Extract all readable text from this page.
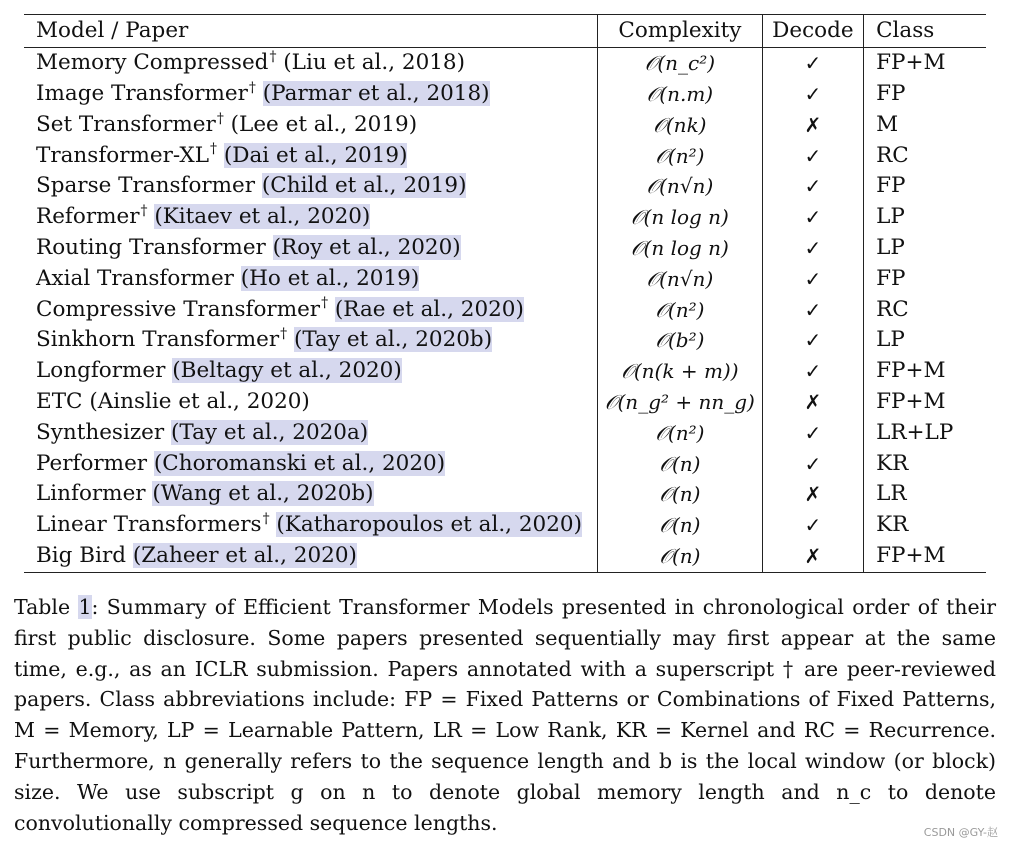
Model / Paper	Complexity	Decode	Class
Memory Compressed† (Liu et al., 2018)	𝒪(n_c²)	✓	FP+M
Image Transformer† (Parmar et al., 2018)	𝒪(n.m)	✓	FP
Set Transformer† (Lee et al., 2019)	𝒪(nk)	✗	M
Transformer-XL† (Dai et al., 2019)	𝒪(n²)	✓	RC
Sparse Transformer (Child et al., 2019)	𝒪(n√n)	✓	FP
Reformer† (Kitaev et al., 2020)	𝒪(n log n)	✓	LP
Routing Transformer (Roy et al., 2020)	𝒪(n log n)	✓	LP
Axial Transformer (Ho et al., 2019)	𝒪(n√n)	✓	FP
Compressive Transformer† (Rae et al., 2020)	𝒪(n²)	✓	RC
Sinkhorn Transformer† (Tay et al., 2020b)	𝒪(b²)	✓	LP
Longformer (Beltagy et al., 2020)	𝒪(n(k + m))	✓	FP+M
ETC (Ainslie et al., 2020)	𝒪(n_g² + nn_g)	✗	FP+M
Synthesizer (Tay et al., 2020a)	𝒪(n²)	✓	LR+LP
Performer (Choromanski et al., 2020)	𝒪(n)	✓	KR
Linformer (Wang et al., 2020b)	𝒪(n)	✗	LR
Linear Transformers† (Katharopoulos et al., 2020)	𝒪(n)	✓	KR
Big Bird (Zaheer et al., 2020)	𝒪(n)	✗	FP+M
Table 1: Summary of Efficient Transformer Models presented in chronological order of their first public disclosure. Some papers presented sequentially may first appear at the same time, e.g., as an ICLR submission. Papers annotated with a superscript † are peer-reviewed papers. Class abbreviations include: FP = Fixed Patterns or Combinations of Fixed Patterns, M = Memory, LP = Learnable Pattern, LR = Low Rank, KR = Kernel and RC = Recurrence. Furthermore, n generally refers to the sequence length and b is the local window (or block) size. We use subscript g on n to denote global memory length and n_c to denote convolutionally compressed sequence lengths.	CSDN @GY-赵
